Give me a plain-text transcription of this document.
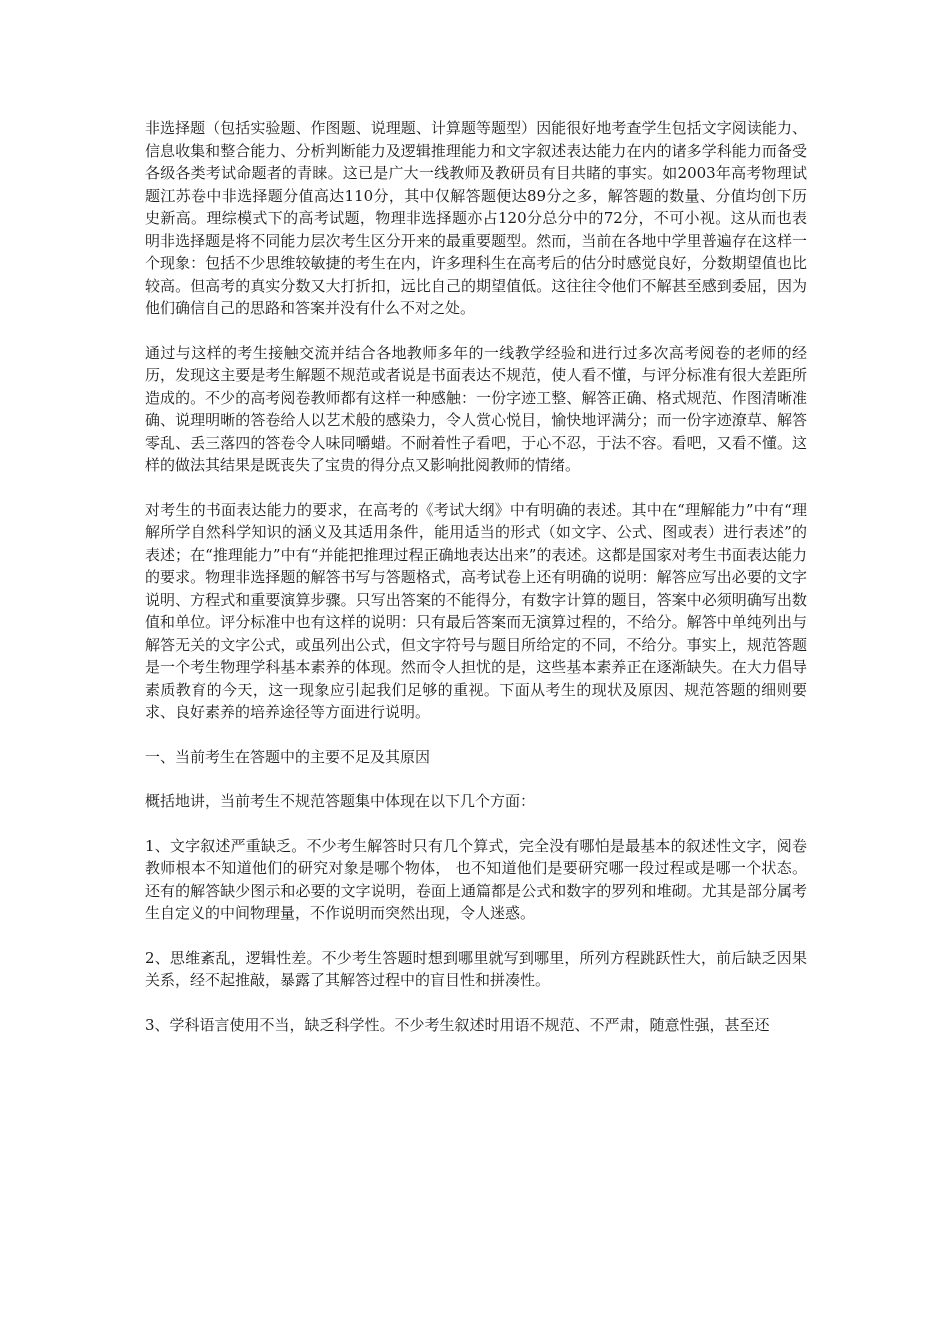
非选择题（包括实验题、作图题、说理题、计算题等题型）因能很好地考查学生包括文字阅读能力、信息收集和整合能力、分析判断能力及逻辑推理能力和文字叙述表达能力在内的诸多学科能力而备受各级各类考试命题者的青睐。这已是广大一线教师及教研员有目共睹的事实。如2003年高考物理试题江苏卷中非选择题分值高达110分，其中仅解答题便达89分之多，解答题的数量、分值均创下历史新高。理综模式下的高考试题，物理非选择题亦占120分总分中的72分，不可小视。这从而也表明非选择题是将不同能力层次考生区分开来的最重要题型。然而，当前在各地中学里普遍存在这样一个现象：包括不少思维较敏捷的考生在内，许多理科生在高考后的估分时感觉良好，分数期望值也比较高。但高考的真实分数又大打折扣，远比自己的期望值低。这往往令他们不解甚至感到委屈，因为他们确信自己的思路和答案并没有什么不对之处。

通过与这样的考生接触交流并结合各地教师多年的一线教学经验和进行过多次高考阅卷的老师的经历，发现这主要是考生解题不规范或者说是书面表达不规范，使人看不懂，与评分标准有很大差距所造成的。不少的高考阅卷教师都有这样一种感触：一份字迹工整、解答正确、格式规范、作图清晰准确、说理明晰的答卷给人以艺术般的感染力，令人赏心悦目，愉快地评满分；而一份字迹潦草、解答零乱、丢三落四的答卷令人味同嚼蜡。不耐着性子看吧，于心不忍，于法不容。看吧，又看不懂。这样的做法其结果是既丧失了宝贵的得分点又影响批阅教师的情绪。

对考生的书面表达能力的要求，在高考的《考试大纲》中有明确的表述。其中在“理解能力”中有“理解所学自然科学知识的涵义及其适用条件，能用适当的形式（如文字、公式、图或表）进行表述”的表述；在“推理能力”中有“并能把推理过程正确地表达出来”的表述。这都是国家对考生书面表达能力的要求。物理非选择题的解答书写与答题格式，高考试卷上还有明确的说明：解答应写出必要的文字说明、方程式和重要演算步骤。只写出答案的不能得分，有数字计算的题目，答案中必须明确写出数值和单位。评分标准中也有这样的说明：只有最后答案而无演算过程的，不给分。解答中单纯列出与解答无关的文字公式，或虽列出公式，但文字符号与题目所给定的不同，不给分。事实上，规范答题是一个考生物理学科基本素养的体现。然而令人担忧的是，这些基本素养正在逐渐缺失。在大力倡导素质教育的今天，这一现象应引起我们足够的重视。下面从考生的现状及原因、规范答题的细则要求、良好素养的培养途径等方面进行说明。

一、当前考生在答题中的主要不足及其原因

概括地讲，当前考生不规范答题集中体现在以下几个方面：

1、文字叙述严重缺乏。不少考生解答时只有几个算式，完全没有哪怕是最基本的叙述性文字，阅卷教师根本不知道他们的研究对象是哪个物体， 也不知道他们是要研究哪一段过程或是哪一个状态。还有的解答缺少图示和必要的文字说明，卷面上通篇都是公式和数字的罗列和堆砌。尤其是部分属考生自定义的中间物理量，不作说明而突然出现，令人迷惑。

2、思维紊乱，逻辑性差。不少考生答题时想到哪里就写到哪里，所列方程跳跃性大，前后缺乏因果关系，经不起推敲，暴露了其解答过程中的盲目性和拼凑性。

3、学科语言使用不当，缺乏科学性。不少考生叙述时用语不规范、不严肃，随意性强，甚至还
